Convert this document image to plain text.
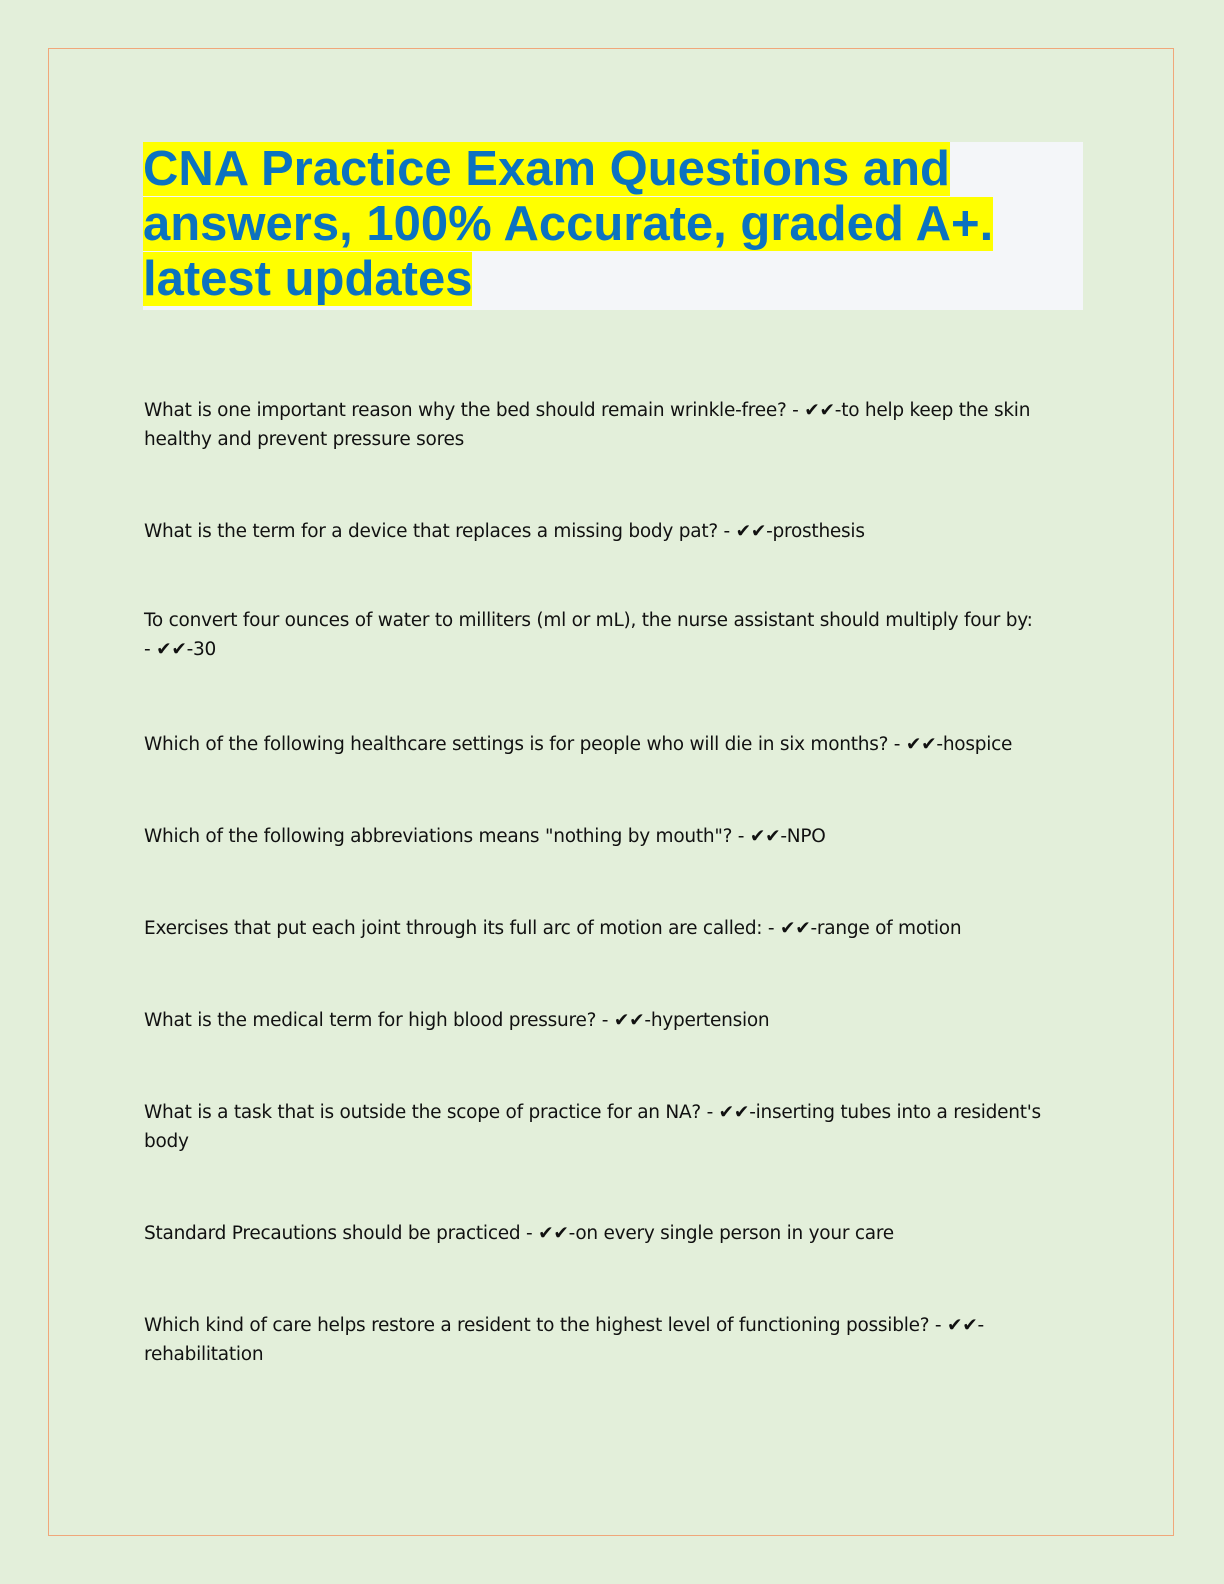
CNA Practice Exam Questions and
answers, 100% Accurate, graded A+.
latest updates
What is one important reason why the bed should remain wrinkle-free? - ✔✔-to help keep the skin healthy and prevent pressure sores
What is the term for a device that replaces a missing body pat? - ✔✔-prosthesis
To convert four ounces of water to milliters (ml or mL), the nurse assistant should multiply four by: - ✔✔-30
Which of the following healthcare settings is for people who will die in six months? - ✔✔-hospice
Which of the following abbreviations means "nothing by mouth"? - ✔✔-NPO
Exercises that put each joint through its full arc of motion are called: - ✔✔-range of motion
What is the medical term for high blood pressure? - ✔✔-hypertension
What is a task that is outside the scope of practice for an NA? - ✔✔-inserting tubes into a resident's body
Standard Precautions should be practiced - ✔✔-on every single person in your care
Which kind of care helps restore a resident to the highest level of functioning possible? - ✔✔-rehabilitation
